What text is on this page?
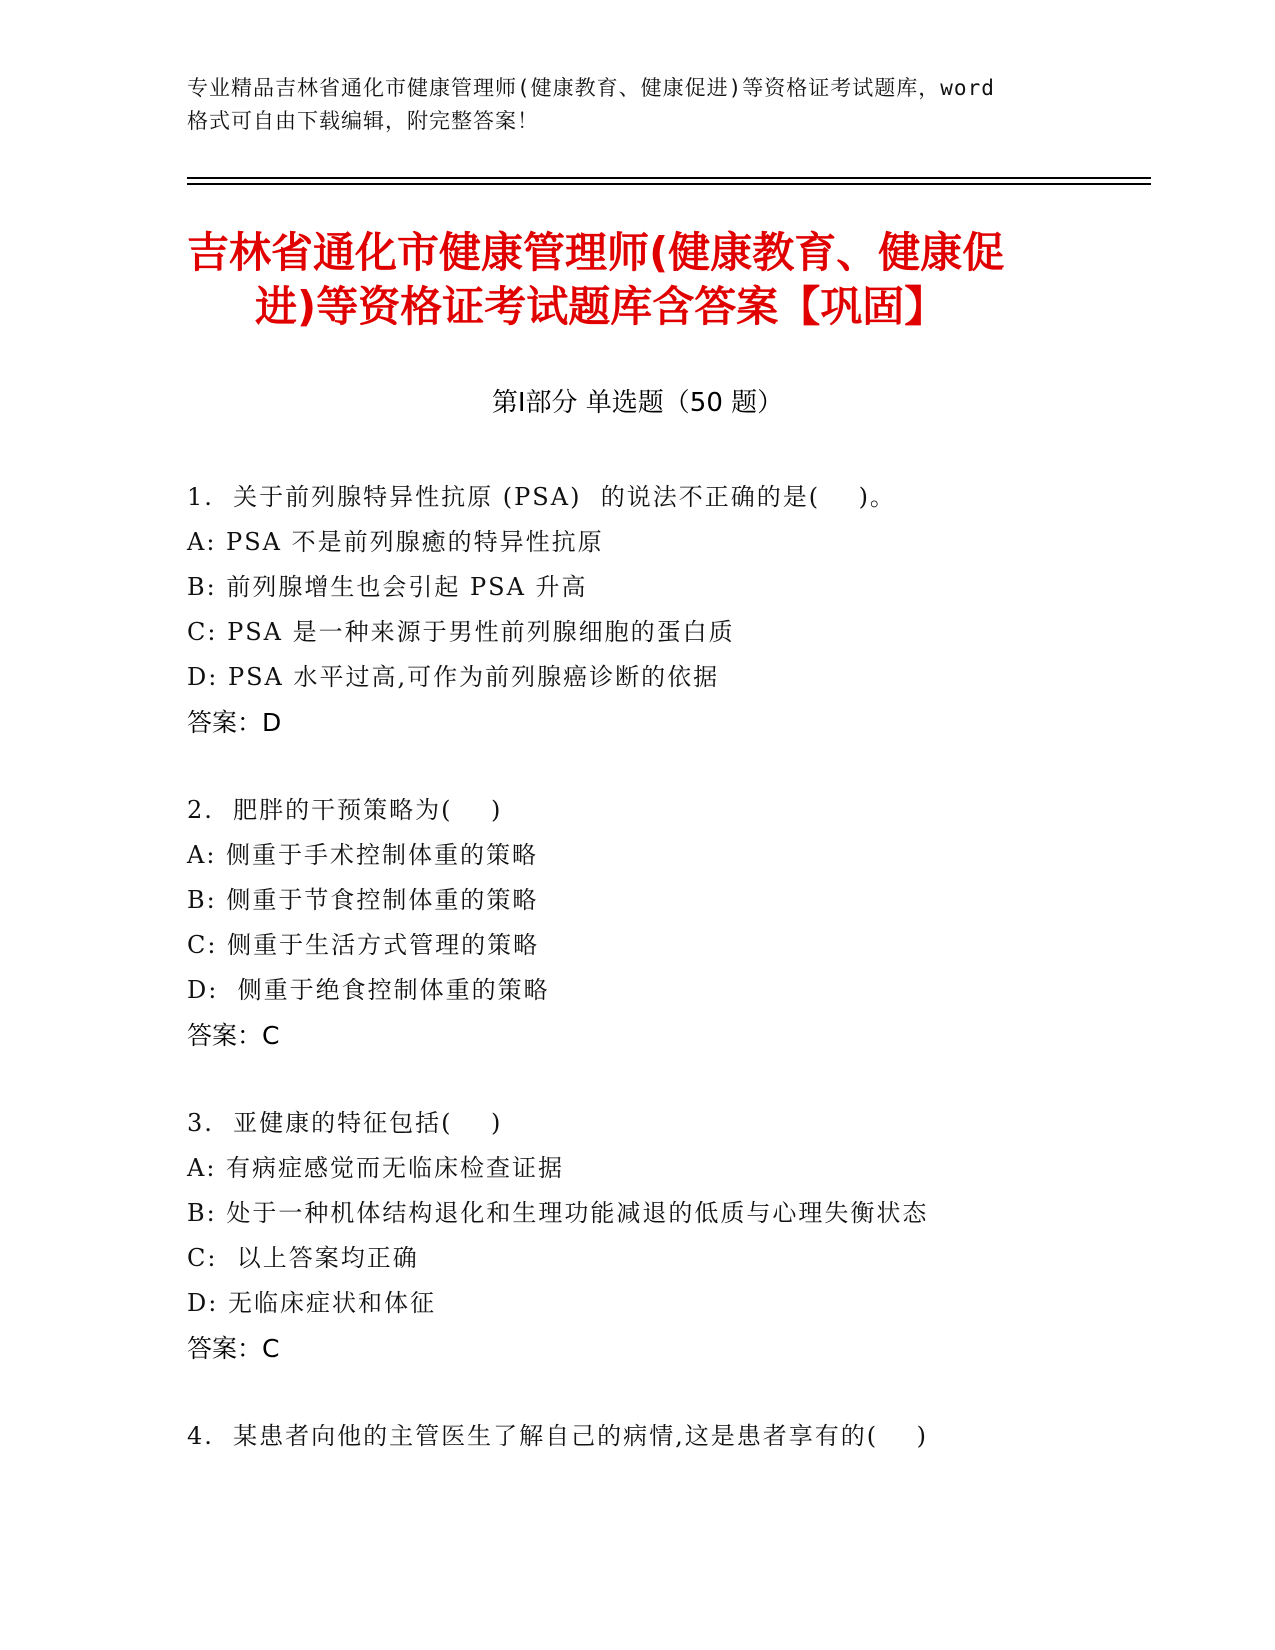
专业精品吉林省通化市健康管理师(健康教育、健康促进)等资格证考试题库，word
格式可自由下载编辑，附完整答案！
吉林省通化市健康管理师(健康教育、健康促
进)等资格证考试题库含答案【巩固】
第Ⅰ部分 单选题（50 题）
1.  关于前列腺特异性抗原 (PSA)  的说法不正确的是(    )。
A: PSA 不是前列腺癒的特异性抗原
B: 前列腺增生也会引起 PSA 升高
C: PSA 是一种来源于男性前列腺细胞的蛋白质
D: PSA 水平过高,可作为前列腺癌诊断的依据
答案：D
2.  肥胖的干预策略为(    )
A: 侧重于手术控制体重的策略
B: 侧重于节食控制体重的策略
C: 侧重于生活方式管理的策略
D:  侧重于绝食控制体重的策略
答案：C
3.  亚健康的特征包括(    )
A: 有病症感觉而无临床检查证据
B: 处于一种机体结构退化和生理功能减退的低质与心理失衡状态
C:  以上答案均正确
D: 无临床症状和体征
答案：C
4.  某患者向他的主管医生了解自己的病情,这是患者享有的(    )
